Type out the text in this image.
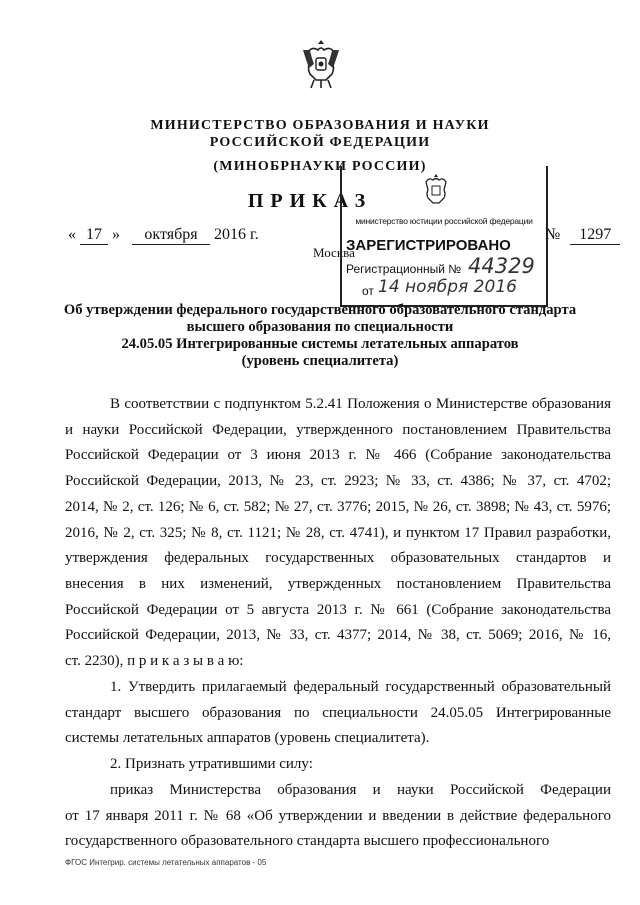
МИНИСТЕРСТВО ОБРАЗОВАНИЯ И НАУКИ
РОССИЙСКОЙ ФЕДЕРАЦИИ
(МИНОБРНАУКИ РОССИИ)
ПРИКАЗ
« 17 » октября 2016 г.	№ 1297
Москва
министерство юстиции российской федерации
ЗАРЕГИСТРИРОВАНО
Регистрационный № 44329
от 14 ноября 2016
Об утверждении федерального государственного образовательного стандарта
высшего образования по специальности
24.05.05 Интегрированные системы летательных аппаратов
(уровень специалитета)
В соответствии с подпунктом 5.2.41 Положения о Министерстве образования
и науки Российской Федерации, утвержденного постановлением Правительства
Российской Федерации от 3 июня 2013 г. № 466 (Собрание законодательства
Российской Федерации, 2013, № 23, ст. 2923; № 33, ст. 4386; № 37, ст. 4702;
2014, № 2, ст. 126; № 6, ст. 582; № 27, ст. 3776; 2015, № 26, ст. 3898; № 43, ст. 5976;
2016, № 2, ст. 325; № 8, ст. 1121; № 28, ст. 4741), и пунктом 17 Правил разработки,
утверждения федеральных государственных образовательных стандартов и
внесения в них изменений, утвержденных постановлением Правительства
Российской Федерации от 5 августа 2013 г. № 661 (Собрание законодательства
Российской Федерации, 2013, № 33, ст. 4377; 2014, № 38, ст. 5069; 2016, № 16,
ст. 2230), п р и к а з ы в а ю:
1. Утвердить прилагаемый федеральный государственный образовательный
стандарт высшего образования по специальности 24.05.05 Интегрированные
системы летательных аппаратов (уровень специалитета).
2. Признать утратившими силу:
приказ Министерства образования и науки Российской Федерации
от 17 января 2011 г. № 68 «Об утверждении и введении в действие федерального
государственного образовательного стандарта высшего профессионального
ФГОС Интегрир. системы летательных аппаратов - 05
